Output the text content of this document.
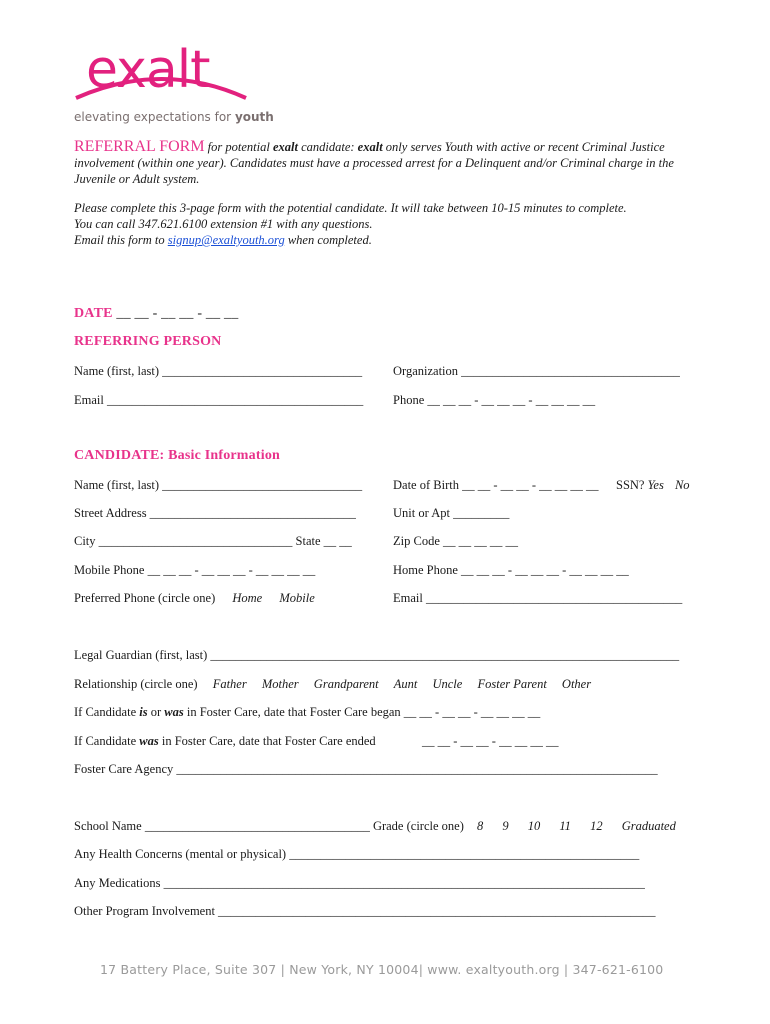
exalt
elevating expectations for youth
REFERRAL FORM for potential exalt candidate: exalt only serves Youth with active or recent Criminal Justice involvement (within one year). Candidates must have a processed arrest for a Delinquent and/or Criminal charge in the Juvenile or Adult system.
Please complete this 3-page form with the potential candidate. It will take between 10-15 minutes to complete.
You can call 347.621.6100 extension #1 with any questions.
Email this form to signup@exaltyouth.org when completed.
DATE __ __ - __ __ - __ __
REFERRING PERSON
Name (first, last) ________________________________ Organization ___________________________________
Email _________________________________________ Phone __ __ __ - __ __ __ - __ __ __ __
CANDIDATE: Basic Information
Name (first, last) ________________________________ Date of Birth __ __ - __ __ - __ __ __ __ SSN? Yes No
Street Address _________________________________	Unit or Apt _________
City _______________________________ State __ __	Zip Code __ __ __ __ __
Mobile Phone __ __ __ - __ __ __ - __ __ __ __	Home Phone __ __ __ - __ __ __ - __ __ __ __
Preferred Phone (circle one) Home Mobile	Email _________________________________________
Legal Guardian (first, last) ___________________________________________________________________________
Relationship (circle one) Father Mother Grandparent Aunt Uncle Foster Parent Other
If Candidate is or was in Foster Care, date that Foster Care began __ __ - __ __ - __ __ __ __
If Candidate was in Foster Care, date that Foster Care ended	__ __ - __ __ - __ __ __ __
Foster Care Agency _____________________________________________________________________________
School Name ____________________________________ Grade (circle one) 8 9 10 11 12 Graduated
Any Health Concerns (mental or physical) ________________________________________________________
Any Medications _____________________________________________________________________________
Other Program Involvement ______________________________________________________________________
17 Battery Place, Suite 307 | New York, NY 10004| www. exaltyouth.org | 347-621-6100
